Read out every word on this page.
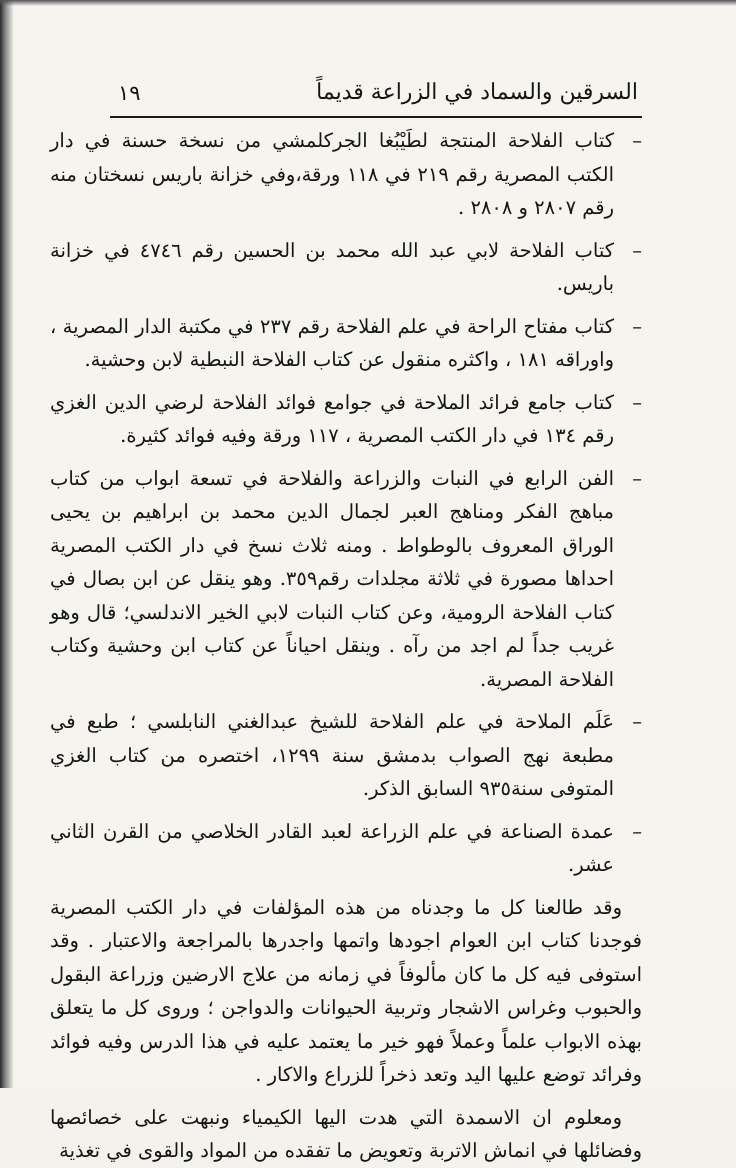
السرقين والسماد في الزراعة قديماً
١٩
–
كتاب الفلاحة المنتجة لطَيْبُغا الجركلمشي من نسخة حسنة في دار الكتب المصرية رقم ٢١٩ في ١١٨ ورقة،وفي خزانة باريس نسختان منه رقم ٢٨٠٧ و ٢٨٠٨ .
–
كتاب الفلاحة لابي عبد الله محمد بن الحسين رقم ٤٧٤٦ في خزانة باريس.
–
كتاب مفتاح الراحة في علم الفلاحة رقم ٢٣٧ في مكتبة الدار المصرية ، واوراقه ١٨١ ، واكثره منقول عن كتاب الفلاحة النبطية لابن وحشية.
–
كتاب جامع فرائد الملاحة في جوامع فوائد الفلاحة لرضي الدين الغزي رقم ١٣٤ في دار الكتب المصرية ، ١١٧ ورقة وفيه فوائد كثيرة.
–
الفن الرابع في النبات والزراعة والفلاحة في تسعة ابواب من كتاب مباهج الفكر ومناهج العبر لجمال الدين محمد بن ابراهيم بن يحيى الوراق المعروف بالوطواط . ومنه ثلاث نسخ في دار الكتب المصرية احداها مصورة في ثلاثة مجلدات رقم٣٥٩. وهو ينقل عن ابن بصال في كتاب الفلاحة الرومية، وعن كتاب النبات لابي الخير الاندلسي؛ قال وهو غريب جداً لم اجد من رآه . وينقل احياناً عن كتاب ابن وحشية وكتاب الفلاحة المصرية.
–
عَلَم الملاحة في علم الفلاحة للشيخ عبدالغني النابلسي ؛ طبع في مطبعة نهج الصواب بدمشق سنة ١٢٩٩، اختصره من كتاب الغزي المتوفى سنة٩٣٥ السابق الذكر.
–
عمدة الصناعة في علم الزراعة لعبد القادر الخلاصي من القرن الثاني عشر.

وقد طالعنا كل ما وجدناه من هذه المؤلفات في دار الكتب المصرية فوجدنا كتاب ابن العوام اجودها واتمها واجدرها بالمراجعة والاعتبار . وقد استوفى فيه كل ما كان مألوفاً في زمانه من علاج الارضين وزراعة البقول والحبوب وغراس الاشجار وتربية الحيوانات والدواجن ؛ وروى كل ما يتعلق بهذه الابواب علماً وعملاً فهو خير ما يعتمد عليه في هذا الدرس وفيه فوائد وفرائد توضع عليها اليد وتعد ذخراً للزراع والاكار .

ومعلوم ان الاسمدة التي هدت اليها الكيمياء ونبهت على خصائصها وفضائلها في انماش الاتربة وتعويض ما تفقده من المواد والقوى في تغذية
